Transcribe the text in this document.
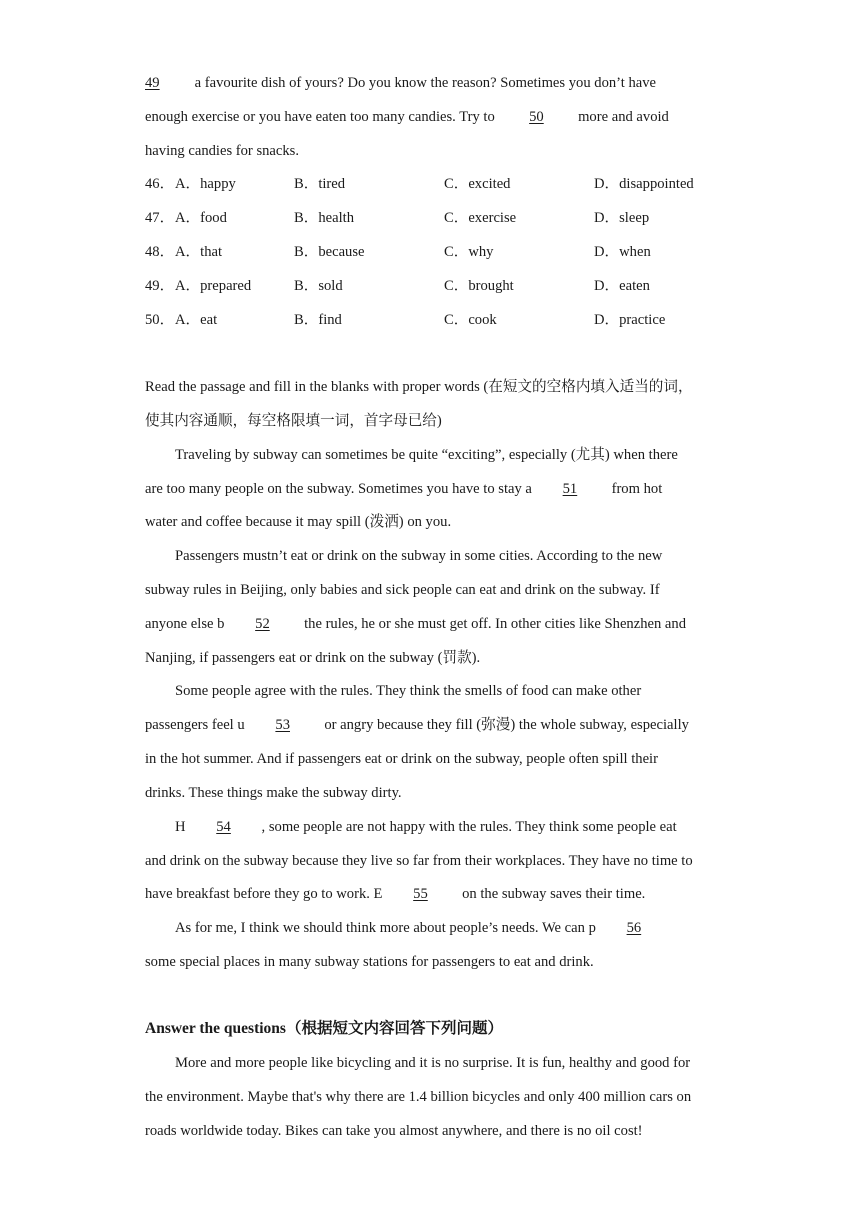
49 a favourite dish of yours? Do you know the reason? Sometimes you don’t have
enough exercise or you have eaten too many candies. Try to 50 more and avoid
having candies for snacks.
46． A．happy	B．tired	C．excited	D．disappointed
47． A．food	B．health	C．exercise	D．sleep
48． A．that	B．because	C．why	D．when
49． A．prepared	B．sold	C．brought	D．eaten
50． A．eat	B．find	C．cook	D．practice
Read the passage and fill in the blanks with proper words (在短文的空格内填入适当的词，
使其内容通顺，每空格限填一词，首字母已给)
Traveling by subway can sometimes be quite “exciting”, especially (尤其) when there
are too many people on the subway. Sometimes you have to stay a 51 from hot
water and coffee because it may spill (泼洒) on you.
Passengers mustn’t eat or drink on the subway in some cities. According to the new
subway rules in Beijing, only babies and sick people can eat and drink on the subway. If
anyone else b 52 the rules, he or she must get off. In other cities like Shenzhen and
Nanjing, if passengers eat or drink on the subway (罚款).
Some people agree with the rules. They think the smells of food can make other
passengers feel u 53 or angry because they fill (弥漫) the whole subway, especially
in the hot summer. And if passengers eat or drink on the subway, people often spill their
drinks. These things make the subway dirty.
H 54 , some people are not happy with the rules. They think some people eat
and drink on the subway because they live so far from their workplaces. They have no time to
have breakfast before they go to work. E 55 on the subway saves their time.
As for me, I think we should think more about people’s needs. We can p 56
some special places in many subway stations for passengers to eat and drink.
Answer the questions（根据短文内容回答下列问题）
More and more people like bicycling and it is no surprise. It is fun, healthy and good for
the environment. Maybe that's why there are 1.4 billion bicycles and only 400 million cars on
roads worldwide today. Bikes can take you almost anywhere, and there is no oil cost!
